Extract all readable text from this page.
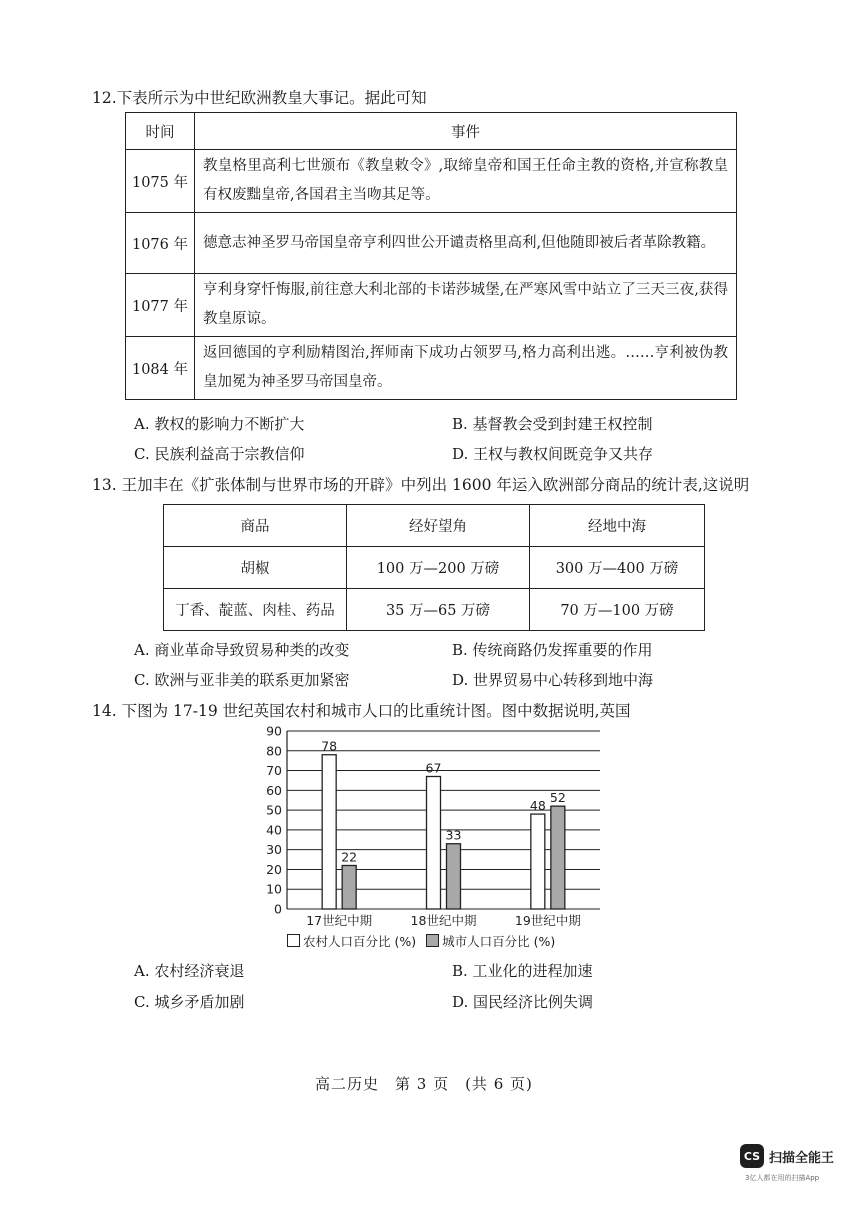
12.下表所示为中世纪欧洲教皇大事记。据此可知
时间	事件
1075 年	教皇格里高利七世颁布《教皇敕令》,取缔皇帝和国王任命主教的资格,并宣称教皇有权废黜皇帝,各国君主当吻其足等。
1076 年	德意志神圣罗马帝国皇帝亨利四世公开谴责格里高利,但他随即被后者革除教籍。
1077 年	亨利身穿忏悔服,前往意大利北部的卡诺莎城堡,在严寒风雪中站立了三天三夜,获得教皇原谅。
1084 年	返回德国的亨利励精图治,挥师南下成功占领罗马,格力高利出逃。……亨利被伪教皇加冕为神圣罗马帝国皇帝。
A. 教权的影响力不断扩大	B. 基督教会受到封建王权控制
C. 民族利益高于宗教信仰	D. 王权与教权间既竞争又共存
13. 王加丰在《扩张体制与世界市场的开辟》中列出 1600 年运入欧洲部分商品的统计表,这说明
商品	经好望角	经地中海
胡椒	100 万—200 万磅	300 万—400 万磅
丁香、靛蓝、肉桂、药品	35 万—65 万磅	70 万—100 万磅
A. 商业革命导致贸易种类的改变	B. 传统商路仍发挥重要的作用
C. 欧洲与亚非美的联系更加紧密	D. 世界贸易中心转移到地中海
14. 下图为 17-19 世纪英国农村和城市人口的比重统计图。图中数据说明,英国
0
10
20
30
40
50
60
70
80
90
78
22
17世纪中期
67
33
18世纪中期
48
52
19世纪中期
农村人口百分比 (%) 城市人口百分比 (%)
A. 农村经济衰退	B. 工业化的进程加速
C. 城乡矛盾加剧	D. 国民经济比例失调
高二历史　第 3 页　(共 6 页)
CS 扫描全能王
3亿人都在用的扫描App
